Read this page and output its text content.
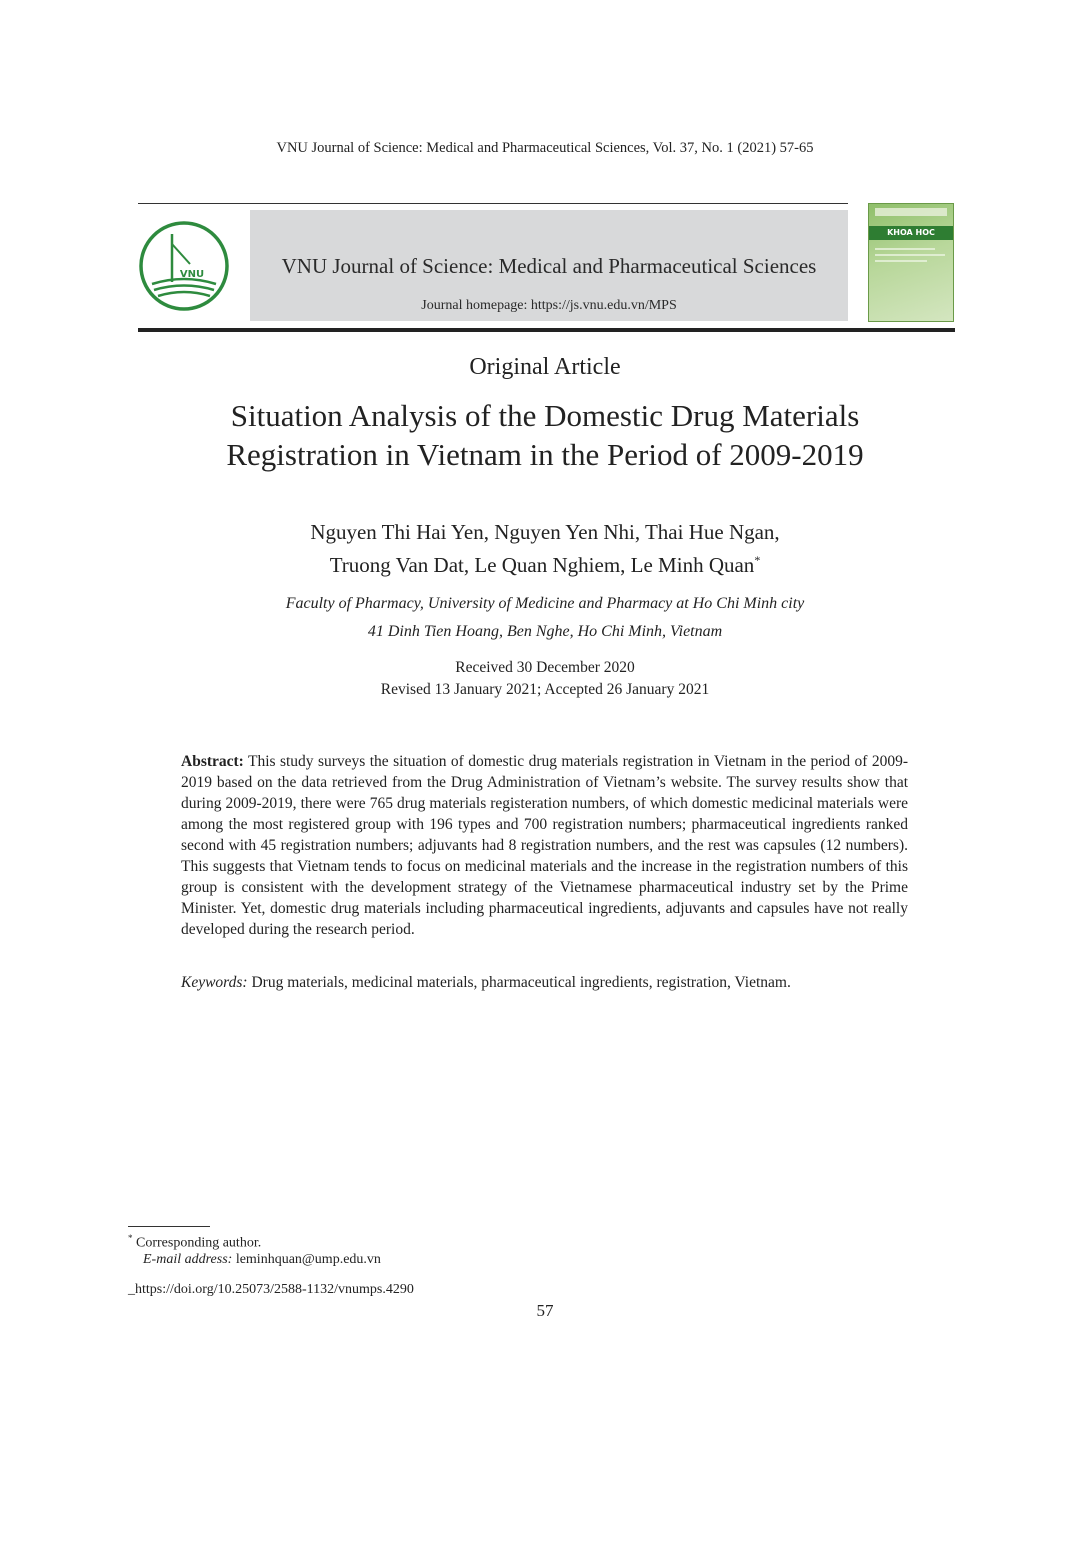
VNU Journal of Science: Medical and Pharmaceutical Sciences, Vol. 37, No. 1 (2021) 57-65
VNU	VNU Journal of Science: Medical and Pharmaceutical Sciences
Journal homepage: https://js.vnu.edu.vn/MPS
KHOA HOC
Original Article
Situation Analysis of the Domestic Drug Materials
Registration in Vietnam in the Period of 2009-2019
Nguyen Thi Hai Yen, Nguyen Yen Nhi, Thai Hue Ngan,
Truong Van Dat, Le Quan Nghiem, Le Minh Quan*
Faculty of Pharmacy, University of Medicine and Pharmacy at Ho Chi Minh city
41 Dinh Tien Hoang, Ben Nghe, Ho Chi Minh, Vietnam
Received 30 December 2020
Revised 13 January 2021; Accepted 26 January 2021
Abstract: This study surveys the situation of domestic drug materials registration in Vietnam in the period of 2009-2019 based on the data retrieved from the Drug Administration of Vietnam’s website. The survey results show that during 2009-2019, there were 765 drug materials registeration numbers, of which domestic medicinal materials were among the most registered group with 196 types and 700 registration numbers; pharmaceutical ingredients ranked second with 45 registration numbers; adjuvants had 8 registration numbers, and the rest was capsules (12 numbers). This suggests that Vietnam tends to focus on medicinal materials and the increase in the registration numbers of this group is consistent with the development strategy of the Vietnamese pharmaceutical industry set by the Prime Minister. Yet, domestic drug materials including pharmaceutical ingredients, adjuvants and capsules have not really developed during the research period.
Keywords: Drug materials, medicinal materials, pharmaceutical ingredients, registration, Vietnam.
* Corresponding author.
E-mail address: leminhquan@ump.edu.vn
_https://doi.org/10.25073/2588-1132/vnumps.4290
57
